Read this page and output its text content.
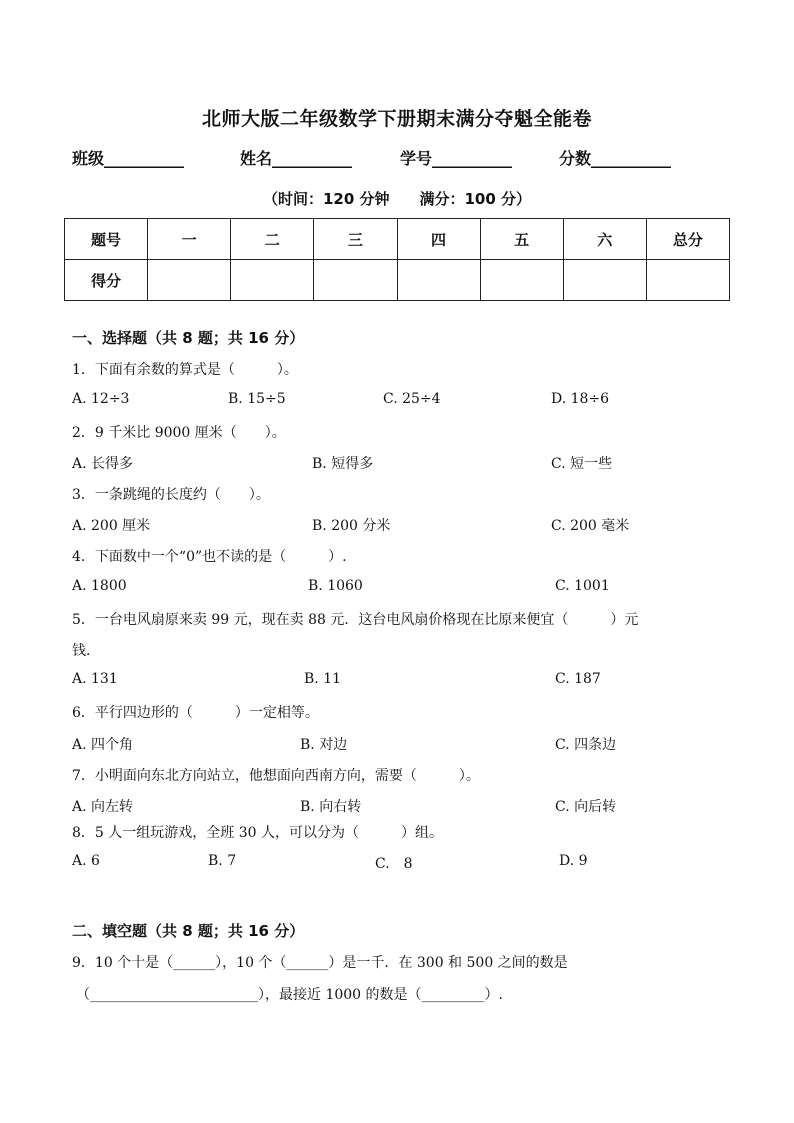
北师大版二年级数学下册期末满分夺魁全能卷
班级__________	姓名__________	学号__________	分数__________
（时间：120 分钟　　满分：100 分）
题号	一	二	三	四	五	六	总分
得分							
一、选择题（共 8 题；共 16 分）
1．下面有余数的算式是（　　　）。
A. 12÷3	B. 15÷5	C. 25÷4	D. 18÷6
2．9 千米比 9000 厘米（　　）。
A. 长得多	B. 短得多	C. 短一些
3．一条跳绳的长度约（　　）。
A. 200 厘米	B. 200 分米	C. 200 毫米
4．下面数中一个“0”也不读的是（　　　）.
A. 1800	B. 1060	C. 1001
5．一台电风扇原来卖 99 元，现在卖 88 元．这台电风扇价格现在比原来便宜（　　　）元
钱.
A. 131	B. 11	C. 187
6．平行四边形的（　　　）一定相等。
A. 四个角	B. 对边	C. 四条边
7．小明面向东北方向站立，他想面向西南方向，需要（　　　）。
A. 向左转	B. 向右转	C. 向后转
8．5 人一组玩游戏，全班 30 人，可以分为（　　　）组。
A. 6	B. 7	C.　8	D. 9
二、填空题（共 8 题；共 16 分）
9．10 个十是（______），10 个（______）是一千．在 300 和 500 之间的数是
（________________________），最接近 1000 的数是（_________）.
